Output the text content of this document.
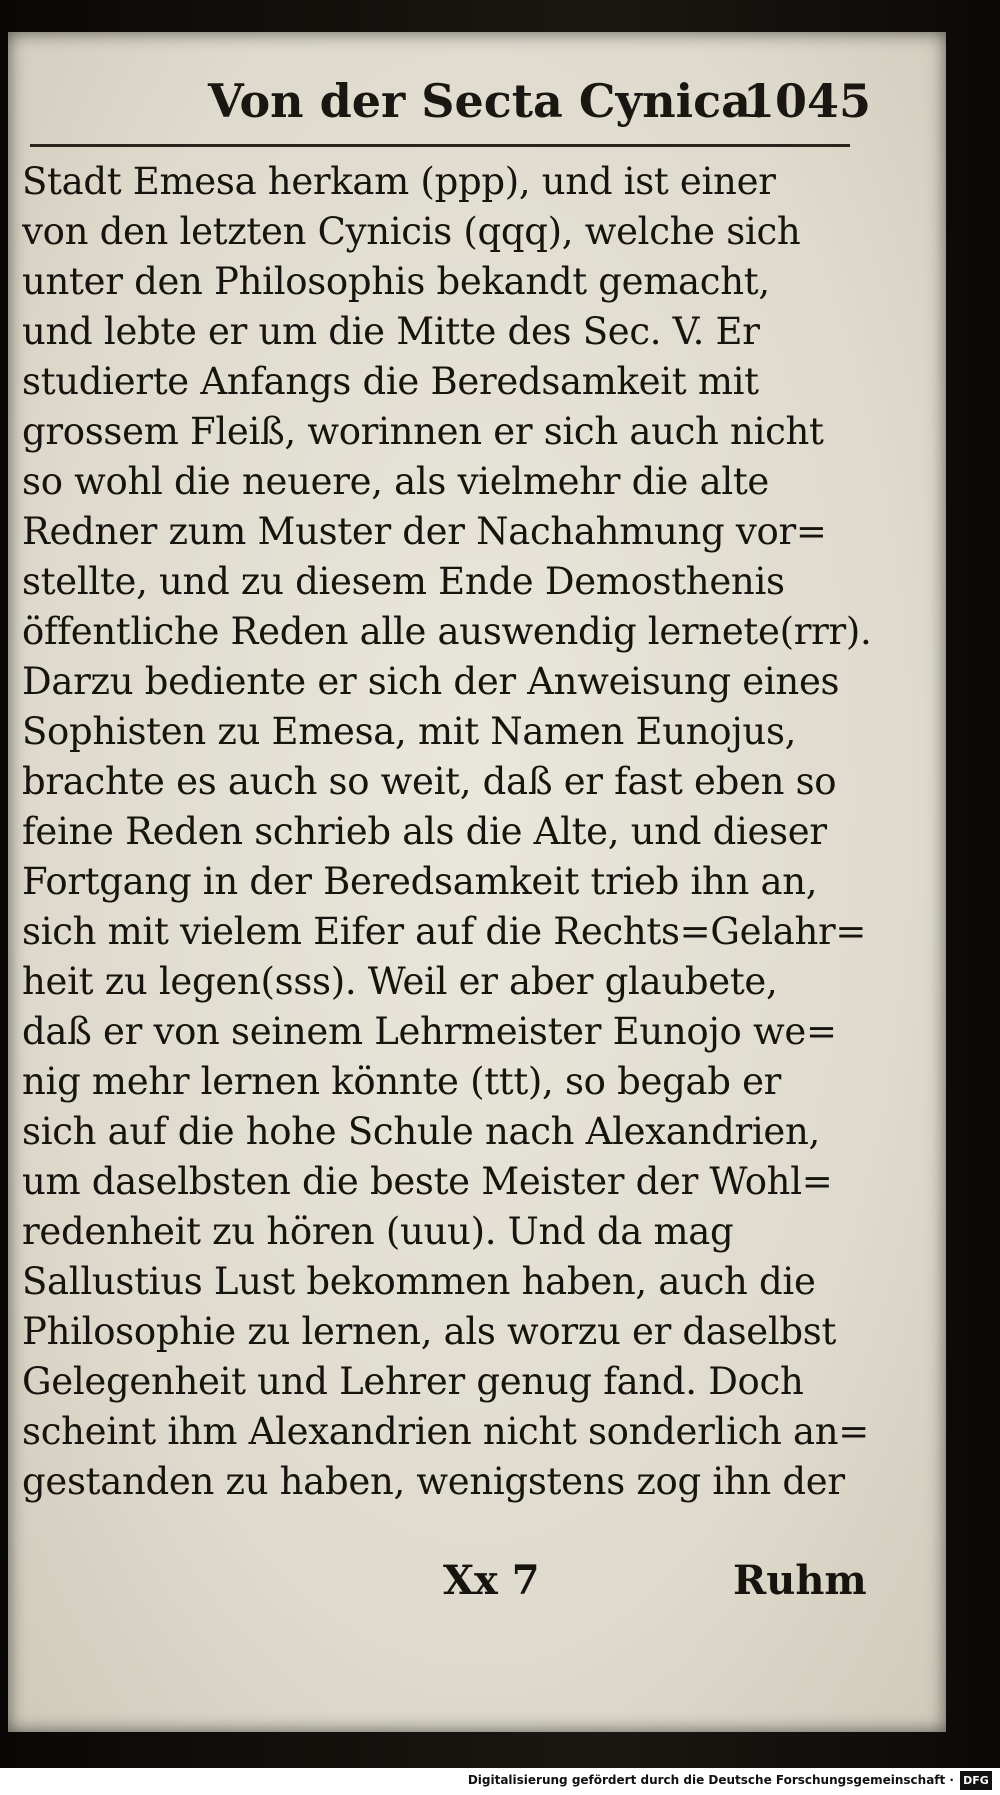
Von der Secta Cynica.
1045
Stadt Emesa herkam (ppp), und ist einer
von den letzten Cynicis (qqq), welche sich
unter den Philosophis bekandt gemacht,
und lebte er um die Mitte des Sec. V. Er
studierte Anfangs die Beredsamkeit mit
grossem Fleiß, worinnen er sich auch nicht
so wohl die neuere, als vielmehr die alte
Redner zum Muster der Nachahmung vor=
stellte, und zu diesem Ende Demosthenis
öffentliche Reden alle auswendig lernete(rrr).
Darzu bediente er sich der Anweisung eines
Sophisten zu Emesa, mit Namen Eunojus,
brachte es auch so weit, daß er fast eben so
feine Reden schrieb als die Alte, und dieser
Fortgang in der Beredsamkeit trieb ihn an,
sich mit vielem Eifer auf die Rechts=Gelahr=
heit zu legen(sss). Weil er aber glaubete,
daß er von seinem Lehrmeister Eunojo we=
nig mehr lernen könnte (ttt), so begab er
sich auf die hohe Schule nach Alexandrien,
um daselbsten die beste Meister der Wohl=
redenheit zu hören (uuu). Und da mag
Sallustius Lust bekommen haben, auch die
Philosophie zu lernen, als worzu er daselbst
Gelegenheit und Lehrer genug fand. Doch
scheint ihm Alexandrien nicht sonderlich an=
gestanden zu haben, wenigstens zog ihn der
Xx 7	Ruhm
Digitalisierung gefördert durch die Deutsche Forschungsgemeinschaft · DFG
